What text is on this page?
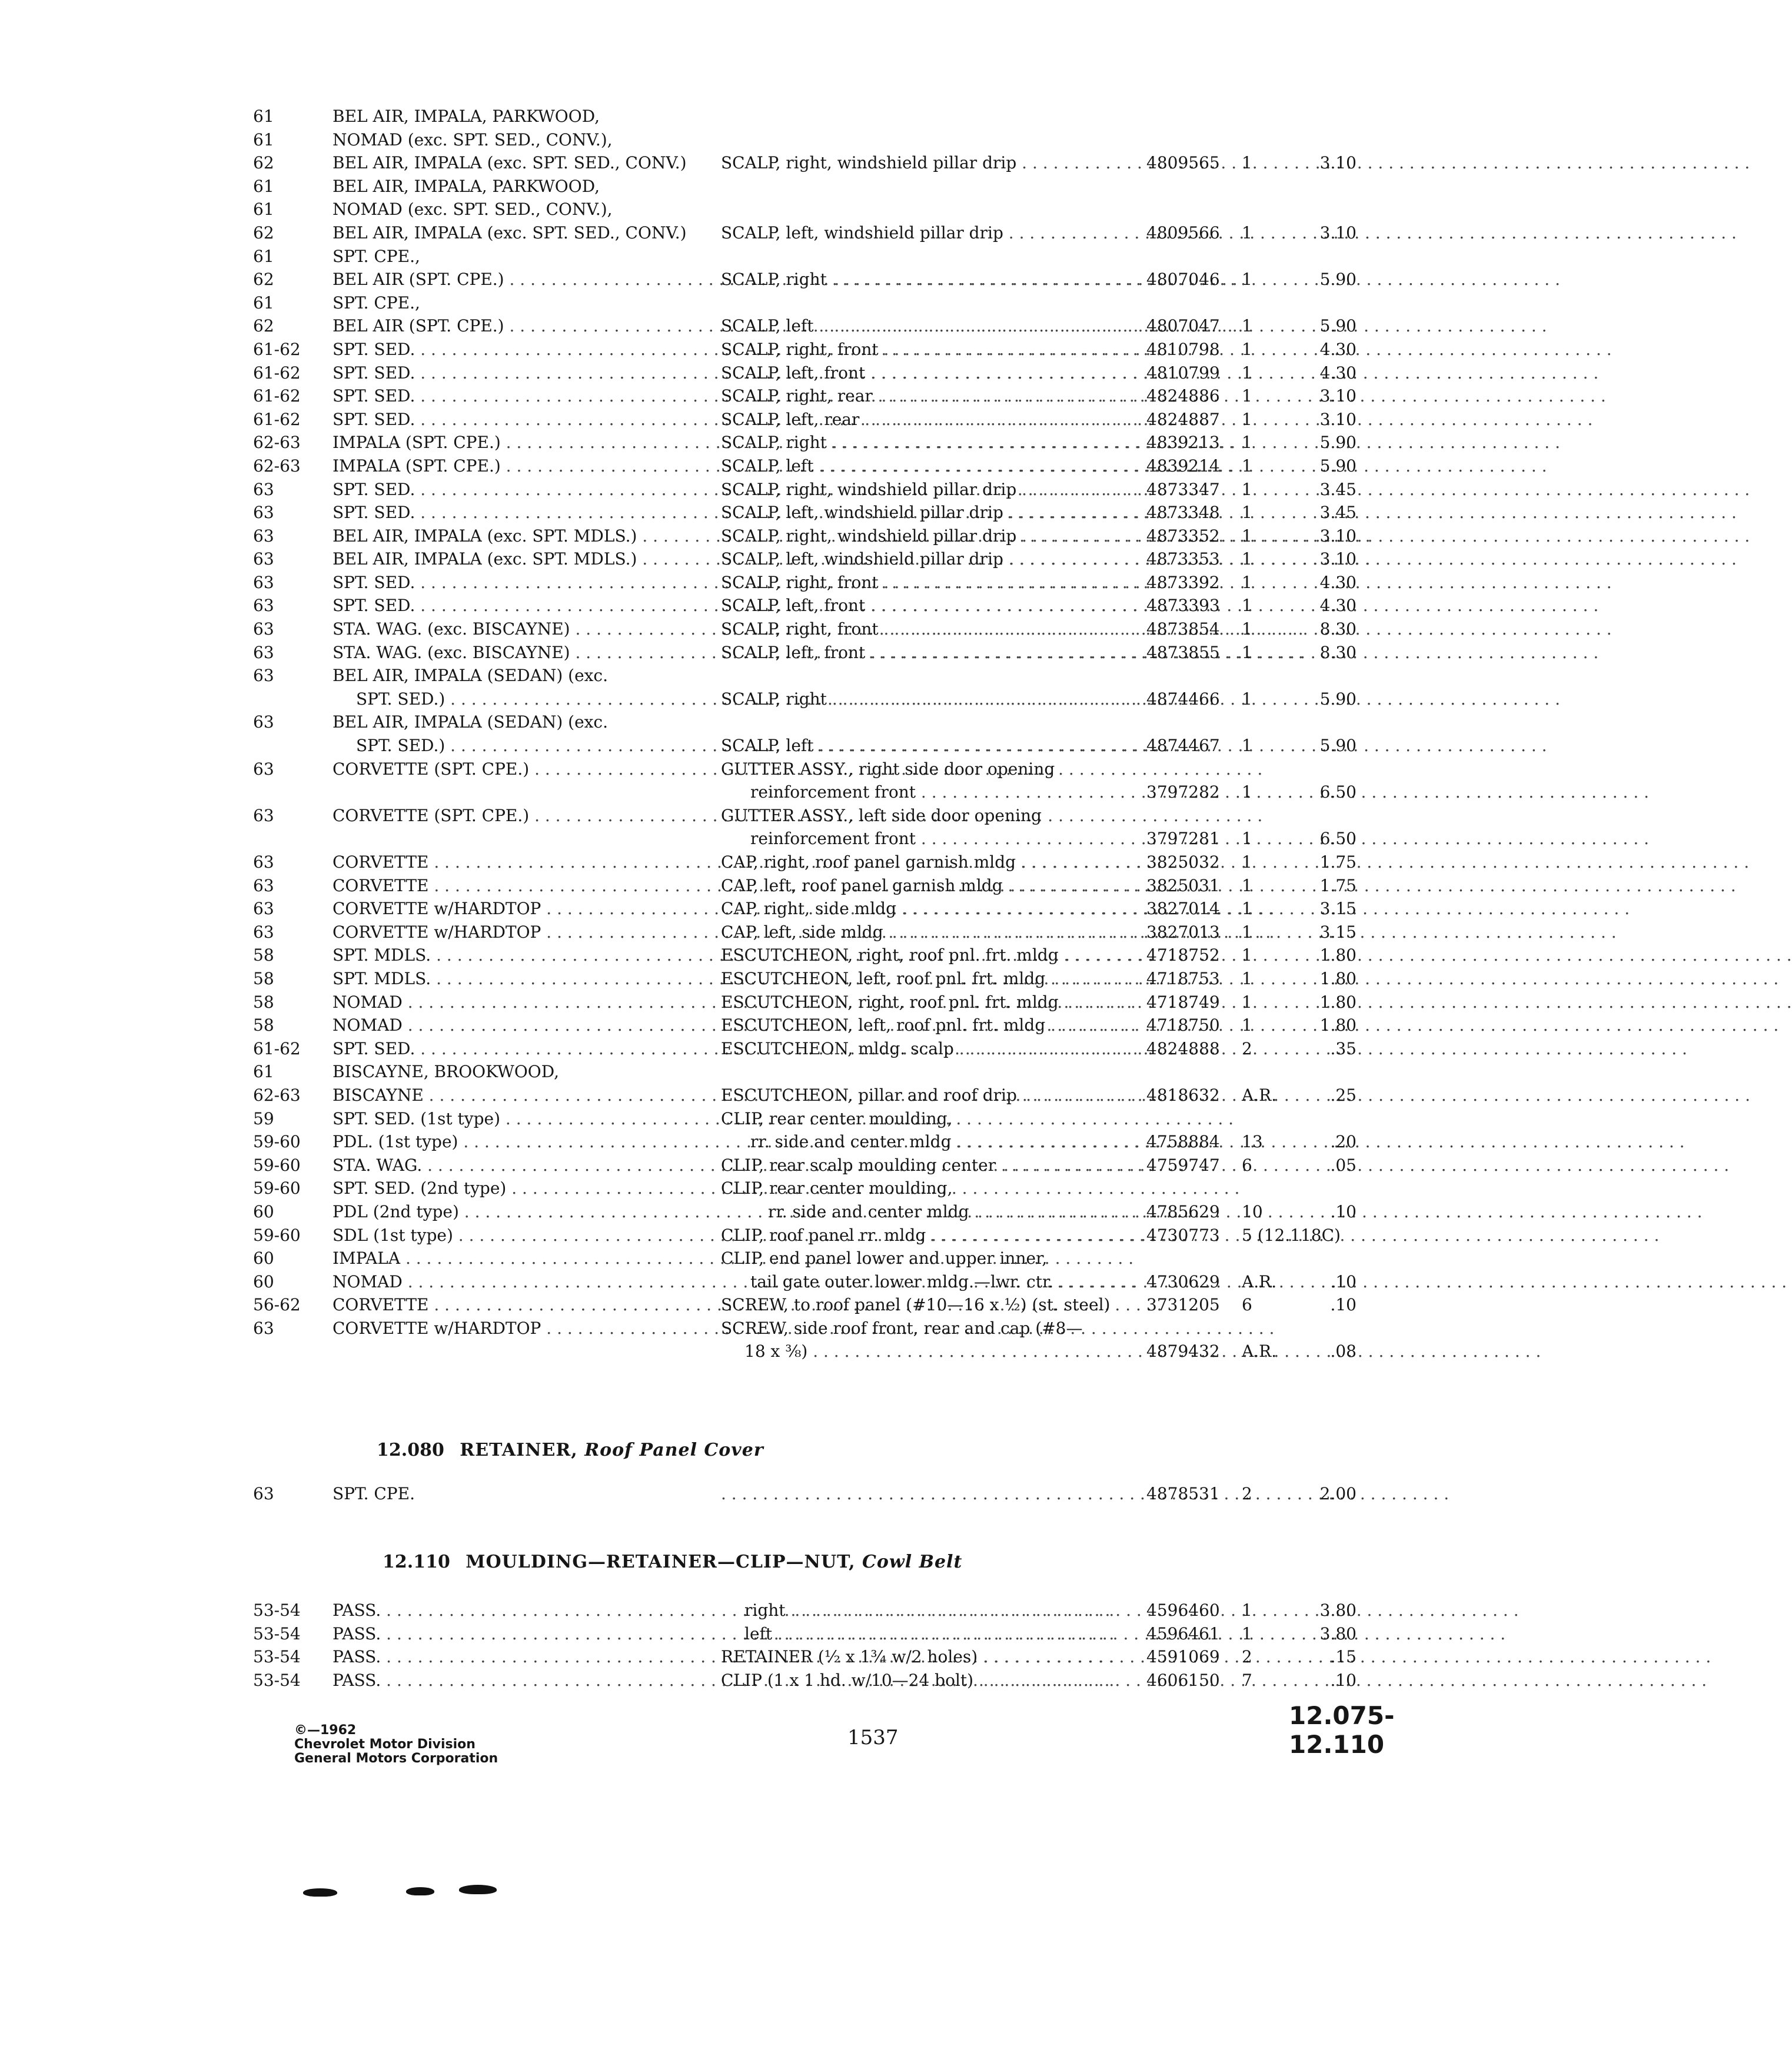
61	BEL AIR, IMPALA, PARKWOOD,
61	NOMAD (exc. SPT. SED., CONV.),
62	BEL AIR, IMPALA (exc. SPT. SED., CONV.)	SCALP, right, windshield pillar drip . . .	4809565	1	3.10
61	BEL AIR, IMPALA, PARKWOOD,
61	NOMAD (exc. SPT. SED., CONV.),
62	BEL AIR, IMPALA (exc. SPT. SED., CONV.)	SCALP, left, windshield pillar drip . . .	4809566	1	3.10
61	SPT. CPE.,
62	BEL AIR (SPT. CPE.) . . .	SCALP, right . . .	4807046	1	5.90
61	SPT. CPE.,
62	BEL AIR (SPT. CPE.) . . .	SCALP, left . . .	4807047	1	5.90
61-62	SPT. SED. . . .	SCALP, right, front . . .	4810798	1	4.30
61-62	SPT. SED. . . .	SCALP, left, front . . .	4810799	1	4.30
61-62	SPT. SED. . . .	SCALP, right, rear . . .	4824886	1	3.10
61-62	SPT. SED. . . .	SCALP, left, rear . . .	4824887	1	3.10
62-63	IMPALA (SPT. CPE.) . . .	SCALP, right . . .	4839213	1	5.90
62-63	IMPALA (SPT. CPE.) . . .	SCALP, left . . .	4839214	1	5.90
63	SPT. SED. . . .	SCALP, right, windshield pillar drip . . .	4873347	1	3.45
63	SPT. SED. . . .	SCALP, left, windshield pillar drip . . .	4873348	1	3.45
63	BEL AIR, IMPALA (exc. SPT. MDLS.) . . .	SCALP, right, windshield pillar drip . . .	4873352	1	3.10
63	BEL AIR, IMPALA (exc. SPT. MDLS.) . . .	SCALP, left, windshield pillar drip . . .	4873353	1	3.10
63	SPT. SED. . . .	SCALP, right, front . . .	4873392	1	4.30
63	SPT. SED. . . .	SCALP, left, front . . .	4873393	1	4.30
63	STA. WAG. (exc. BISCAYNE) . . .	SCALP, right, front . . .	4873854	1	8.30
63	STA. WAG. (exc. BISCAYNE) . . .	SCALP, left, front . . .	4873855	1	8.30
63	BEL AIR, IMPALA (SEDAN) (exc.
SPT. SED.) . . .	SCALP, right . . .	4874466	1	5.90
63	BEL AIR, IMPALA (SEDAN) (exc.
SPT. SED.) . . .	SCALP, left . . .	4874467	1	5.90
63	CORVETTE (SPT. CPE.) . . .	GUTTER ASSY., right side door opening
reinforcement front . . .	3797282	1	6.50
63	CORVETTE (SPT. CPE.) . . .	GUTTER ASSY., left side door opening
reinforcement front . . .	3797281	1	6.50
63	CORVETTE . . .	CAP, right, roof panel garnish mldg . . .	3825032	1	1.75
63	CORVETTE . . .	CAP, left, roof panel garnish mldg . . .	3825031	1	1.75
63	CORVETTE w/HARDTOP . . .	CAP, right, side mldg . . .	3827014	1	3.15
63	CORVETTE w/HARDTOP . . .	CAP, left, side mldg . . .	3827013	1	3.15
58	SPT. MDLS. . . .	ESCUTCHEON, right, roof pnl. frt. mldg . . .	4718752	1	1.80
58	SPT. MDLS. . . .	ESCUTCHEON, left, roof pnl. frt. mldg . . .	4718753	1	1.80
58	NOMAD . . .	ESCUTCHEON, right, roof pnl. frt. mldg . . .	4718749	1	1.80
58	NOMAD . . .	ESCUTCHEON, left, roof pnl. frt. mldg . . .	4718750	1	1.80
61-62	SPT. SED. . . .	ESCUTCHEON, mldg. scalp . . .	4824888	2	.35
61	BISCAYNE, BROOKWOOD,
62-63	BISCAYNE . . .	ESCUTCHEON, pillar and roof drip . . .	4818632	A.R.	.25
59	SPT. SED. (1st type) . . .	CLIP, rear center moulding,
59-60	PDL. (1st type) . . .	rr. side and center mldg . . .	4758884	13	.20
59-60	STA. WAG. . . .	CLIP, rear scalp moulding center . . .	4759747	6	.05
59-60	SPT. SED. (2nd type) . . .	CLIP, rear center moulding,
60	PDL (2nd type) . . .	rr. side and center mldg . . .	4785629	10	.10
59-60	SDL (1st type) . . .	CLIP, roof panel rr. mldg . . .	4730773	5 (12.118C)
60	IMPALA . . .	CLIP, end panel lower and upper inner,
60	NOMAD . . .	tail gate outer lower mldg.—lwr. ctr. . . .	4730629	A.R.	.10
56-62	CORVETTE . . .	SCREW, to roof panel (#10—16 x ½) (st. steel)	3731205	6	.10
63	CORVETTE w/HARDTOP . . .	SCREW, side roof front, rear and cap (#8—
18 x ⅜) . . .	4879432	A.R.	.08
12.080 RETAINER, Roof Panel Cover
63	SPT. CPE.
. . .	4878531	2	2.00
12.110 MOULDING—RETAINER—CLIP—NUT, Cowl Belt
53-54	PASS. . . .	right . . .	4596460	1	3.80
53-54	PASS. . . .	left . . .	4596461	1	3.80
53-54	PASS. . . .	RETAINER (½ x 1¾ w/2 holes) . . .	4591069	2	.15
53-54	PASS. . . .	CLIP (1 x 1 hd. w/10—24 bolt) . . .	4606150	7	.10
©—1962
Chevrolet Motor Division
General Motors Corporation
1537
12.075-12.110
